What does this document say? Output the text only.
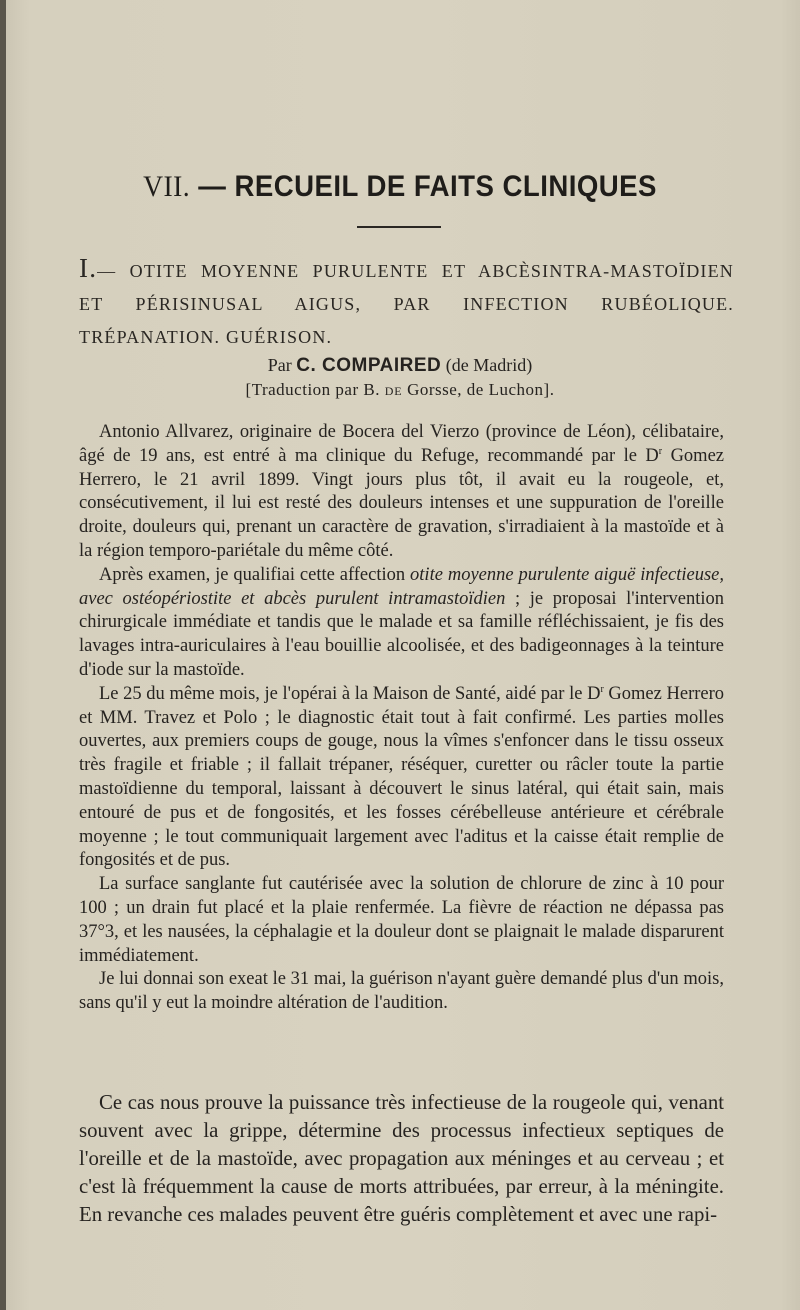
VII. — RECUEIL DE FAITS CLINIQUES
I.— OTITE MOYENNE PURULENTE ET ABCÈSINTRA-MASTOÏDIEN
ET PÉRISINUSAL AIGUS, PAR INFECTION RUBÉOLIQUE.
TRÉPANATION. GUÉRISON.
Par C. COMPAIRED (de Madrid)
[Traduction par B. DE Gorsse, de Luchon].

Antonio Allvarez, originaire de Bocera del Vierzo (province de Léon), célibataire, âgé de 19 ans, est entré à ma clinique du Refuge, recommandé par le $D^r$ Gomez Herrero, le 21 avril 1899. Vingt jours plus tôt, il avait eu la rougeole, et, consécutivement, il lui est resté des douleurs intenses et une suppuration de l'oreille droite, douleurs qui, prenant un caractère de gravation, s'irradiaient à la mastoïde et à la région temporo-pariétale du même côté.

Après examen, je qualifiai cette affection otite moyenne purulente aiguë infectieuse, avec ostéopériostite et abcès purulent intramastoïdien ; je proposai l'intervention chirurgicale immédiate et tandis que le malade et sa famille réfléchissaient, je fis des lavages intra-auriculaires à l'eau bouillie alcoolisée, et des badigeonnages à la teinture d'iode sur la mastoïde.

Le 25 du même mois, je l'opérai à la Maison de Santé, aidé par le $D^r$ Gomez Herrero et MM. Travez et Polo ; le diagnostic était tout à fait confirmé. Les parties molles ouvertes, aux premiers coups de gouge, nous la vîmes s'enfoncer dans le tissu osseux très fragile et friable ; il fallait trépaner, réséquer, curetter ou râcler toute la partie mastoïdienne du temporal, laissant à découvert le sinus latéral, qui était sain, mais entouré de pus et de fongosités, et les fosses cérébelleuse antérieure et cérébrale moyenne ; le tout communiquait largement avec l'aditus et la caisse était remplie de fongosités et de pus.

La surface sanglante fut cautérisée avec la solution de chlorure de zinc à 10 pour 100 ; un drain fut placé et la plaie renfermée. La fièvre de réaction ne dépassa pas 37°3, et les nausées, la céphalagie et la douleur dont se plaignait le malade disparurent immédiatement.

Je lui donnai son exeat le 31 mai, la guérison n'ayant guère demandé plus d'un mois, sans qu'il y eut la moindre altération de l'audition.

Ce cas nous prouve la puissance très infectieuse de la rougeole qui, venant souvent avec la grippe, détermine des processus infectieux septiques de l'oreille et de la mastoïde, avec propagation aux méninges et au cerveau ; et c'est là fréquemment la cause de morts attribuées, par erreur, à la méningite. En revanche ces malades peuvent être guéris complètement et avec une rapi-
